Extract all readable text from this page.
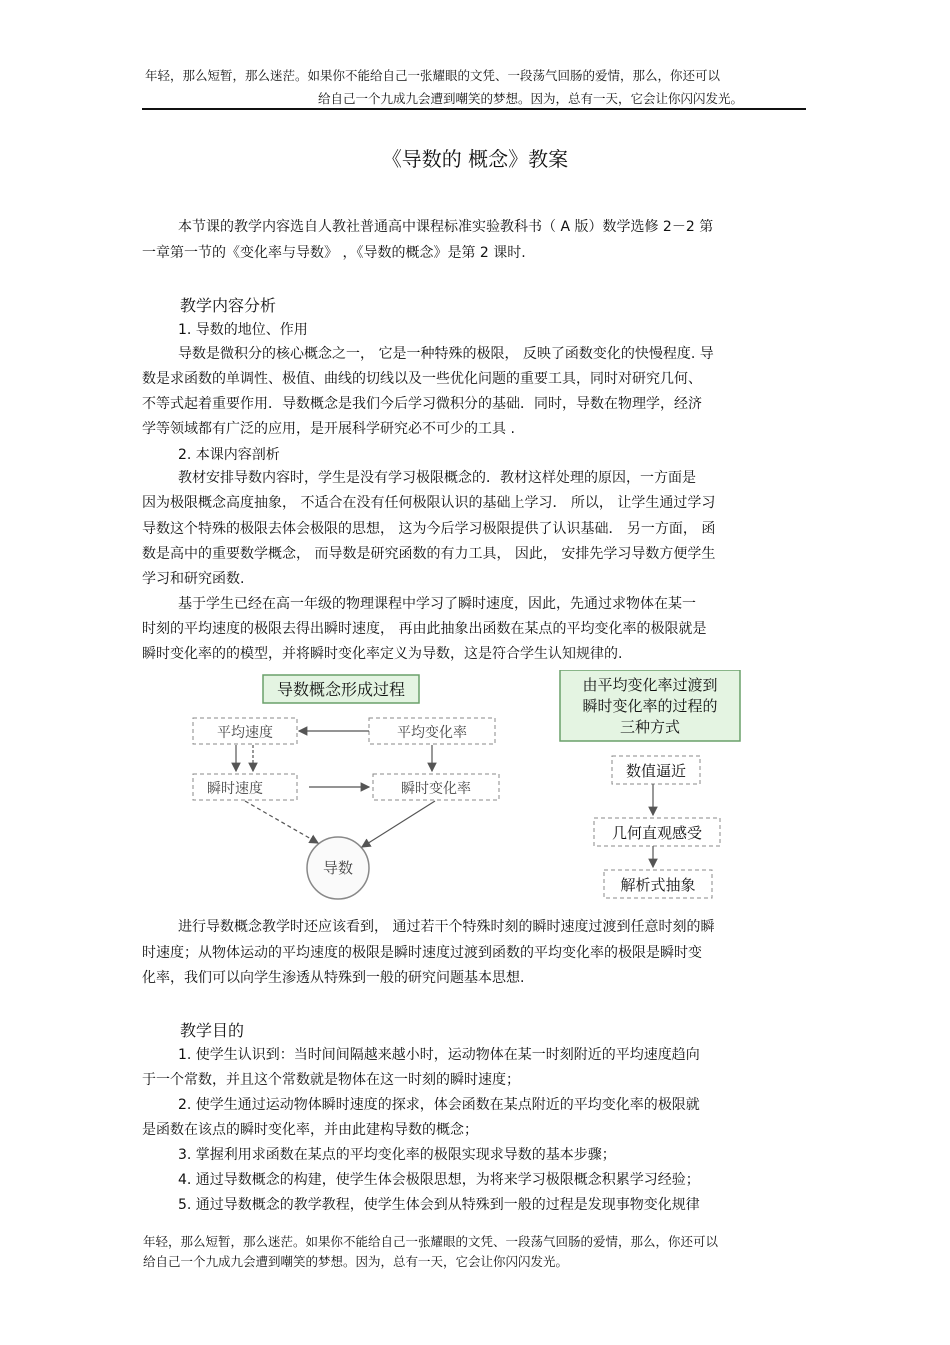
年轻，那么短暂，那么迷茫。如果你不能给自己一张耀眼的文凭、一段荡气回肠的爱情，那么，你还可以
给自己一个九成九会遭到嘲笑的梦想。因为，总有一天，它会让你闪闪发光。
《导数的 概念》教案
本节课的教学内容选自人教社普通高中课程标准实验教科书（ A 版）数学选修 2－2 第
一章第一节的《变化率与导数》 ，《导数的概念》是第 2 课时.
教学内容分析
1. 导数的地位、作用
导数是微积分的核心概念之一， 它是一种特殊的极限， 反映了函数变化的快慢程度. 导
数是求函数的单调性、极值、曲线的切线以及一些优化问题的重要工具，同时对研究几何、
不等式起着重要作用．导数概念是我们今后学习微积分的基础．同时，导数在物理学，经济
学等领域都有广泛的应用，是开展科学研究必不可少的工具 .
2. 本课内容剖析
教材安排导数内容时，学生是没有学习极限概念的．教材这样处理的原因，一方面是
因为极限概念高度抽象， 不适合在没有任何极限认识的基础上学习． 所以， 让学生通过学习
导数这个特殊的极限去体会极限的思想， 这为今后学习极限提供了认识基础． 另一方面， 函
数是高中的重要数学概念， 而导数是研究函数的有力工具， 因此， 安排先学习导数方便学生
学习和研究函数.
基于学生已经在高一年级的物理课程中学习了瞬时速度，因此，先通过求物体在某一
时刻的平均速度的极限去得出瞬时速度， 再由此抽象出函数在某点的平均变化率的极限就是
瞬时变化率的的模型，并将瞬时变化率定义为导数，这是符合学生认知规律的.
导数概念形成过程
平均速度	平均变化率
瞬时速度	瞬时变化率
导数
由平均变化率过渡到
瞬时变化率的过程的
三种方式
数值逼近
几何直观感受
解析式抽象
进行导数概念教学时还应该看到， 通过若干个特殊时刻的瞬时速度过渡到任意时刻的瞬
时速度；从物体运动的平均速度的极限是瞬时速度过渡到函数的平均变化率的极限是瞬时变
化率，我们可以向学生渗透从特殊到一般的研究问题基本思想.
教学目的
1. 使学生认识到：当时间间隔越来越小时，运动物体在某一时刻附近的平均速度趋向
于一个常数，并且这个常数就是物体在这一时刻的瞬时速度；
2. 使学生通过运动物体瞬时速度的探求，体会函数在某点附近的平均变化率的极限就
是函数在该点的瞬时变化率，并由此建构导数的概念；
3. 掌握利用求函数在某点的平均变化率的极限实现求导数的基本步骤；
4. 通过导数概念的构建，使学生体会极限思想，为将来学习极限概念积累学习经验；
5. 通过导数概念的教学教程，使学生体会到从特殊到一般的过程是发现事物变化规律
年轻，那么短暂，那么迷茫。如果你不能给自己一张耀眼的文凭、一段荡气回肠的爱情，那么，你还可以
给自己一个九成九会遭到嘲笑的梦想。因为，总有一天，它会让你闪闪发光。
